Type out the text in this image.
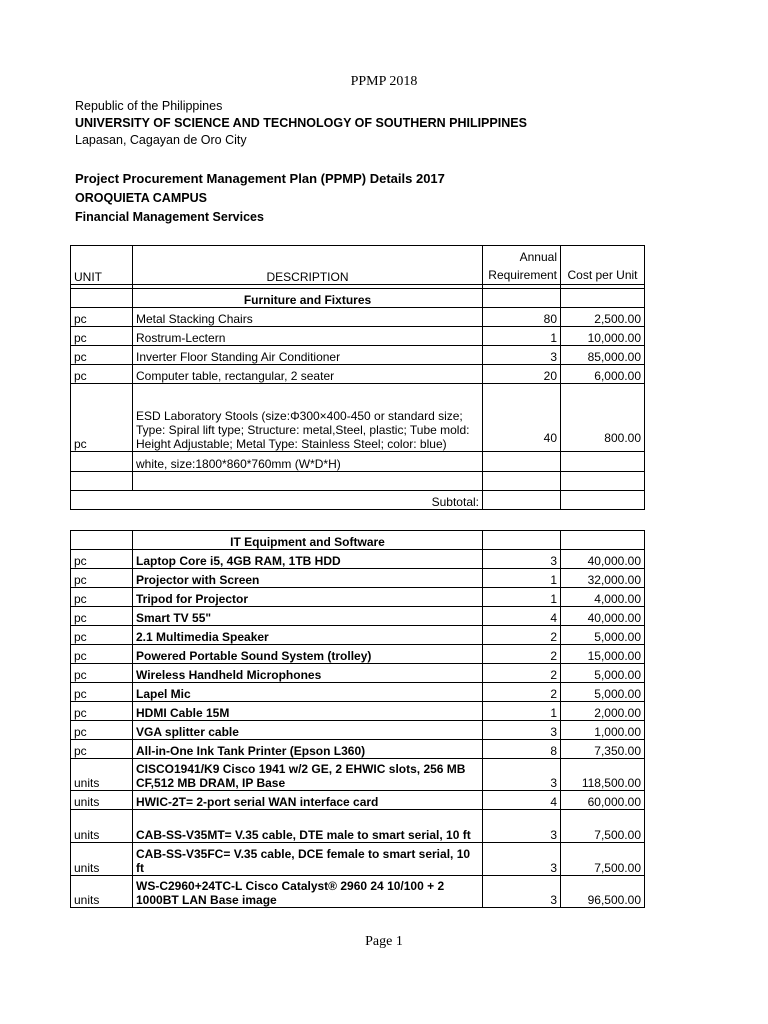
PPMP 2018
Republic of the Philippines
UNIVERSITY OF SCIENCE AND TECHNOLOGY OF SOUTHERN PHILIPPINES
Lapasan, Cagayan de Oro City
Project Procurement Management Plan (PPMP) Details 2017
OROQUIETA CAMPUS
Financial Management Services
UNIT	DESCRIPTION	Annual Requirement	Cost per Unit

	Furniture and Fixtures		
pc	Metal Stacking Chairs	80	2,500.00
pc	Rostrum-Lectern	1	10,000.00
pc	Inverter Floor Standing Air Conditioner	3	85,000.00
pc	Computer table, rectangular, 2 seater	20	6,000.00
pc	ESD Laboratory Stools (size:Φ300×400-450 or standard size; Type: Spiral lift type; Structure: metal,Steel, plastic; Tube mold: Height Adjustable; Metal Type: Stainless Steel; color: blue)	40	800.00
	white, size:1800*860*760mm (W*D*H)		

	Subtotal:		
	IT Equipment and Software		
pc	Laptop Core i5, 4GB RAM, 1TB HDD	3	40,000.00
pc	Projector with Screen	1	32,000.00
pc	Tripod for Projector	1	4,000.00
pc	Smart TV 55"	4	40,000.00
pc	2.1 Multimedia Speaker	2	5,000.00
pc	Powered Portable Sound System (trolley)	2	15,000.00
pc	Wireless Handheld Microphones	2	5,000.00
pc	Lapel Mic	2	5,000.00
pc	HDMI Cable 15M	1	2,000.00
pc	VGA splitter cable	3	1,000.00
pc	All-in-One Ink Tank Printer (Epson L360)	8	7,350.00
units	CISCO1941/K9 Cisco 1941 w/2 GE, 2 EHWIC slots, 256 MB CF,512 MB DRAM, IP Base	3	118,500.00
units	HWIC-2T= 2-port serial WAN interface card	4	60,000.00
units	CAB-SS-V35MT= V.35 cable, DTE male to smart serial, 10 ft	3	7,500.00
units	CAB-SS-V35FC= V.35 cable, DCE female to smart serial, 10 ft	3	7,500.00
units	WS-C2960+24TC-L Cisco Catalyst® 2960 24 10/100 + 2 1000BT LAN Base image	3	96,500.00
Page 1
